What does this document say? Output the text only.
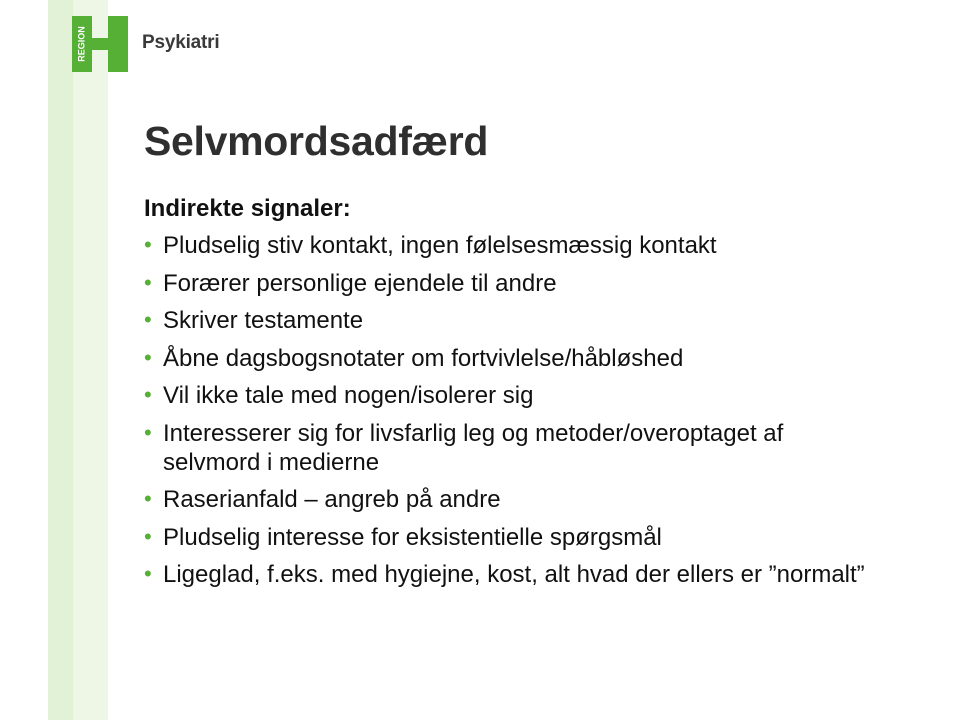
REGION	Psykiatri
Selvmordsadfærd
Indirekte signaler:
• Pludselig stiv kontakt, ingen følelsesmæssig kontakt
• Forærer personlige ejendele til andre
• Skriver testamente
• Åbne dagsbogsnotater om fortvivlelse/håbløshed
• Vil ikke tale med nogen/isolerer sig
• Interesserer sig for livsfarlig leg og metoder/overoptaget af selvmord i medierne
• Raserianfald – angreb på andre
• Pludselig interesse for eksistentielle spørgsmål
• Ligeglad, f.eks. med hygiejne, kost, alt hvad der ellers er ”normalt”
